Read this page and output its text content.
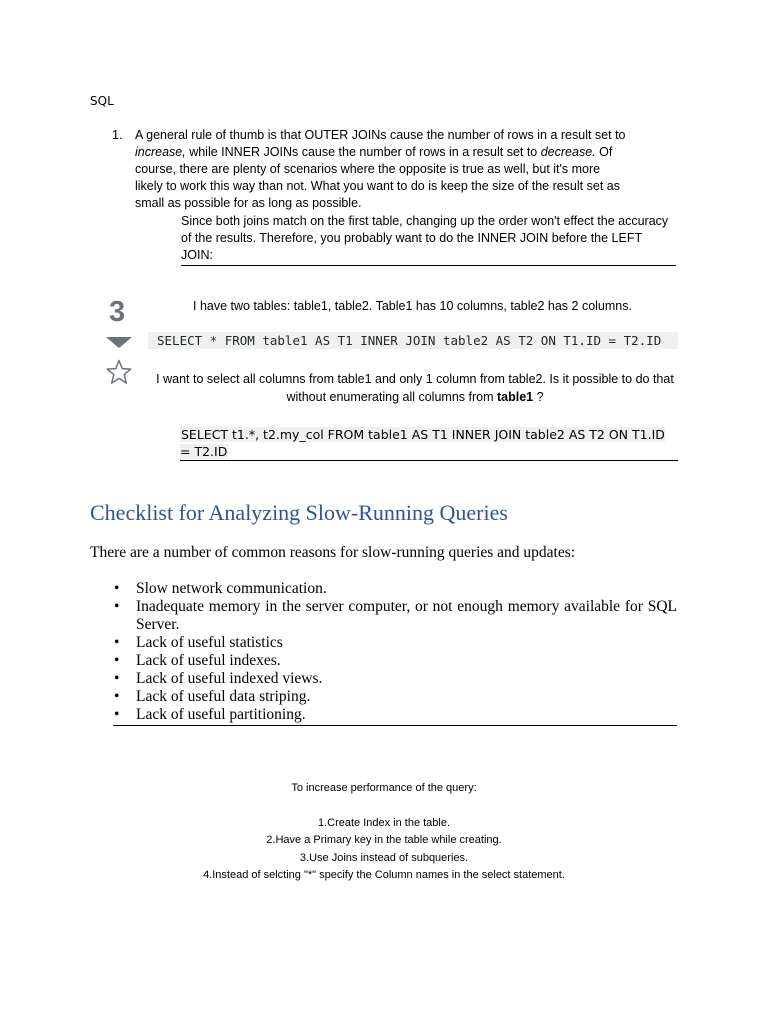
SQL
1. A general rule of thumb is that OUTER JOINs cause the number of rows in a result set to increase, while INNER JOINs cause the number of rows in a result set to decrease. Of course, there are plenty of scenarios where the opposite is true as well, but it's more likely to work this way than not. What you want to do is keep the size of the result set as small as possible for as long as possible.
Since both joins match on the first table, changing up the order won't effect the accuracy of the results. Therefore, you probably want to do the INNER JOIN before the LEFT JOIN:
3	I have two tables: table1, table2. Table1 has 10 columns, table2 has 2 columns.
SELECT * FROM table1 AS T1 INNER JOIN table2 AS T2 ON T1.ID = T2.ID
I want to select all columns from table1 and only 1 column from table2. Is it possible to do that without enumerating all columns from table1 ?
SELECT t1.*, t2.my_col FROM table1 AS T1 INNER JOIN table2 AS T2 ON T1.ID = T2.ID
Checklist for Analyzing Slow-Running Queries
There are a number of common reasons for slow-running queries and updates:
• Slow network communication.
• Inadequate memory in the server computer, or not enough memory available for SQL Server.
• Lack of useful statistics
• Lack of useful indexes.
• Lack of useful indexed views.
• Lack of useful data striping.
• Lack of useful partitioning.
To increase performance of the query:
1.Create Index in the table.
2.Have a Primary key in the table while creating.
3.Use Joins instead of subqueries.
4.Instead of selcting "*" specify the Column names in the select statement.
